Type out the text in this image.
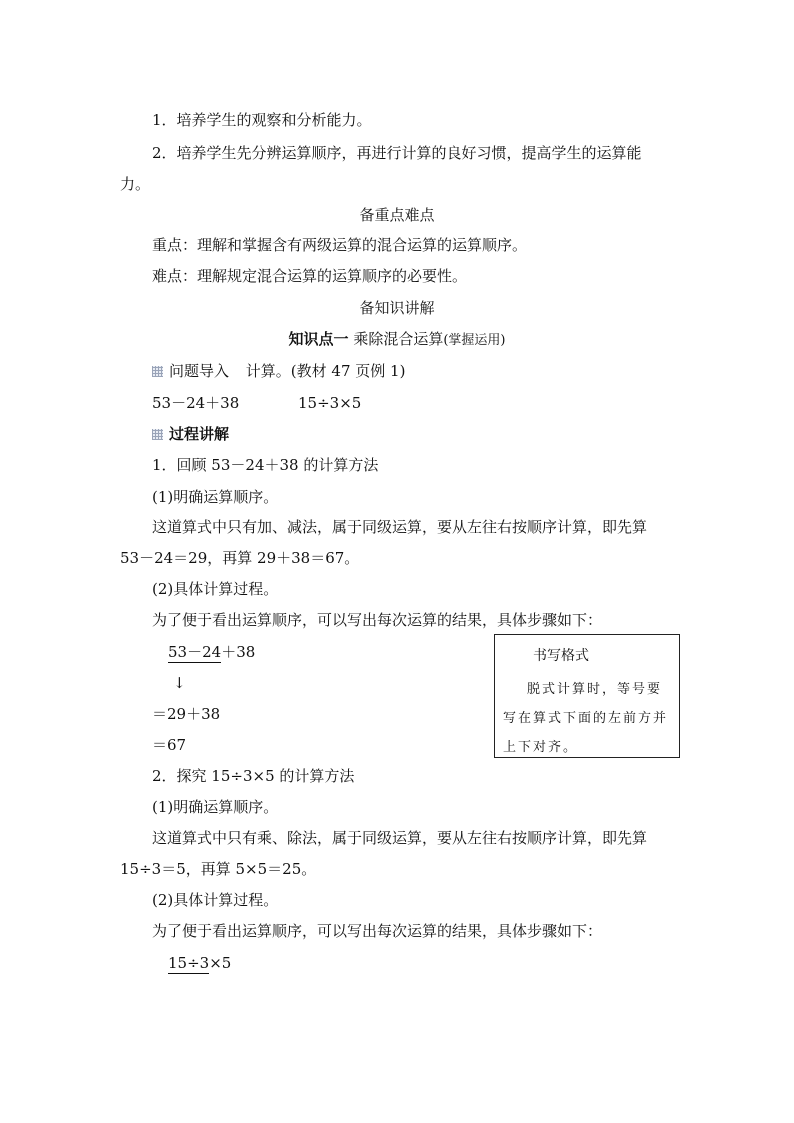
1．培养学生的观察和分析能力。
2．培养学生先分辨运算顺序，再进行计算的良好习惯，提高学生的运算能
力。
备重点难点
重点：理解和掌握含有两级运算的混合运算的运算顺序。
难点：理解规定混合运算的运算顺序的必要性。
备知识讲解
知识点一 乘除混合运算(掌握运用)
问题导入 计算。(教材 47 页例 1)
53－24＋38	15÷3×5
过程讲解
1．回顾 53－24＋38 的计算方法
(1)明确运算顺序。
这道算式中只有加、减法，属于同级运算，要从左往右按顺序计算，即先算
53－24＝29，再算 29＋38＝67。
(2)具体计算过程。
为了便于看出运算顺序，可以写出每次运算的结果，具体步骤如下：
53－24＋38
↓
＝29＋38
＝67
书写格式
脱式计算时，等号要写在算式下面的左前方并上下对齐。
2．探究 15÷3×5 的计算方法
(1)明确运算顺序。
这道算式中只有乘、除法，属于同级运算，要从左往右按顺序计算，即先算
15÷3＝5，再算 5×5＝25。
(2)具体计算过程。
为了便于看出运算顺序，可以写出每次运算的结果，具体步骤如下：
15÷3×5
